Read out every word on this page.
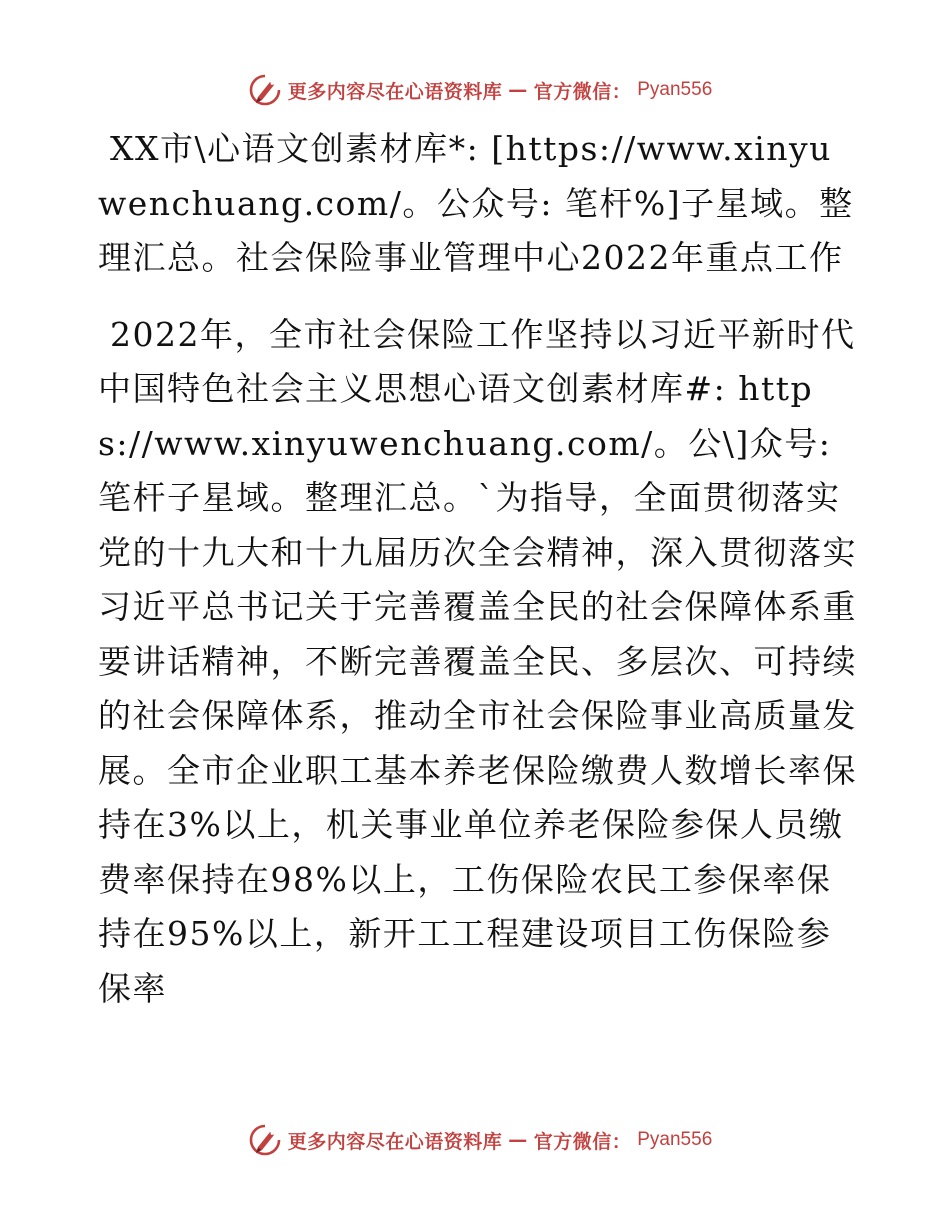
更多内容尽在心语资料库 — 官方微信： Pyan556

XX市\心语文创素材库*: [https://www.xinyuwenchuang.com/。公众号: 笔杆%]子星域。整理汇总。社会保险事业管理中心2022年重点工作

2022年，全市社会保险工作坚持以习近平新时代中国特色社会主义思想心语文创素材库#: https://www.xinyuwenchuang.com/。公\]众号: 笔杆子星域。整理汇总。`为指导，全面贯彻落实党的十九大和十九届历次全会精神，深入贯彻落实习近平总书记关于完善覆盖全民的社会保障体系重要讲话精神，不断完善覆盖全民、多层次、可持续的社会保障体系，推动全市社会保险事业高质量发展。全市企业职工基本养老保险缴费人数增长率保持在3%以上，机关事业单位养老保险参保人员缴费率保持在98%以上，工伤保险农民工参保率保持在95%以上，新开工工程建设项目工伤保险参保率

更多内容尽在心语资料库 — 官方微信： Pyan556
